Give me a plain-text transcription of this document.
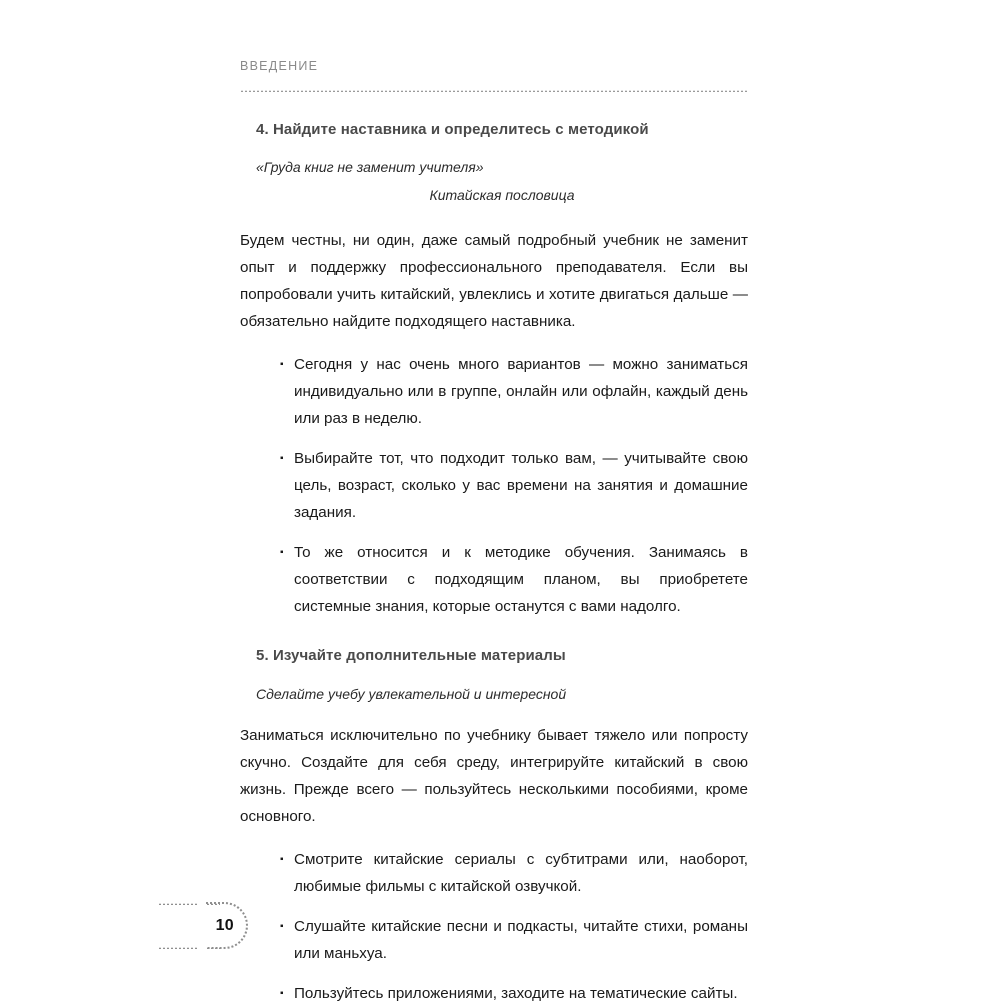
ВВЕДЕНИЕ
4. Найдите наставника и определитесь с методикой

«Груда книг не заменит учителя»

Китайская пословица

Будем честны, ни один, даже самый подробный учебник не заменит опыт и поддержку профессионального преподавателя. Если вы попробовали учить китайский, увлеклись и хотите двигаться дальше — обязательно найдите подходящего наставника.

▪ Сегодня у нас очень много вариантов — можно заниматься индивидуально или в группе, онлайн или офлайн, каждый день или раз в неделю.
▪ Выбирайте тот, что подходит только вам, — учитывайте свою цель, возраст, сколько у вас времени на занятия и домашние задания.
▪ То же относится и к методике обучения. Занимаясь в соответствии с подходящим планом, вы приобретете системные знания, которые останутся с вами надолго.
5. Изучайте дополнительные материалы

Сделайте учебу увлекательной и интересной

Заниматься исключительно по учебнику бывает тяжело или попросту скучно. Создайте для себя среду, интегрируйте китайский в свою жизнь. Прежде всего — пользуйтесь несколькими пособиями, кроме основного.

▪ Смотрите китайские сериалы с субтитрами или, наоборот, любимые фильмы с китайской озвучкой.
▪ Слушайте китайские песни и подкасты, читайте стихи, романы или маньхуа.
▪ Пользуйтесь приложениями, заходите на тематические сайты.
10
